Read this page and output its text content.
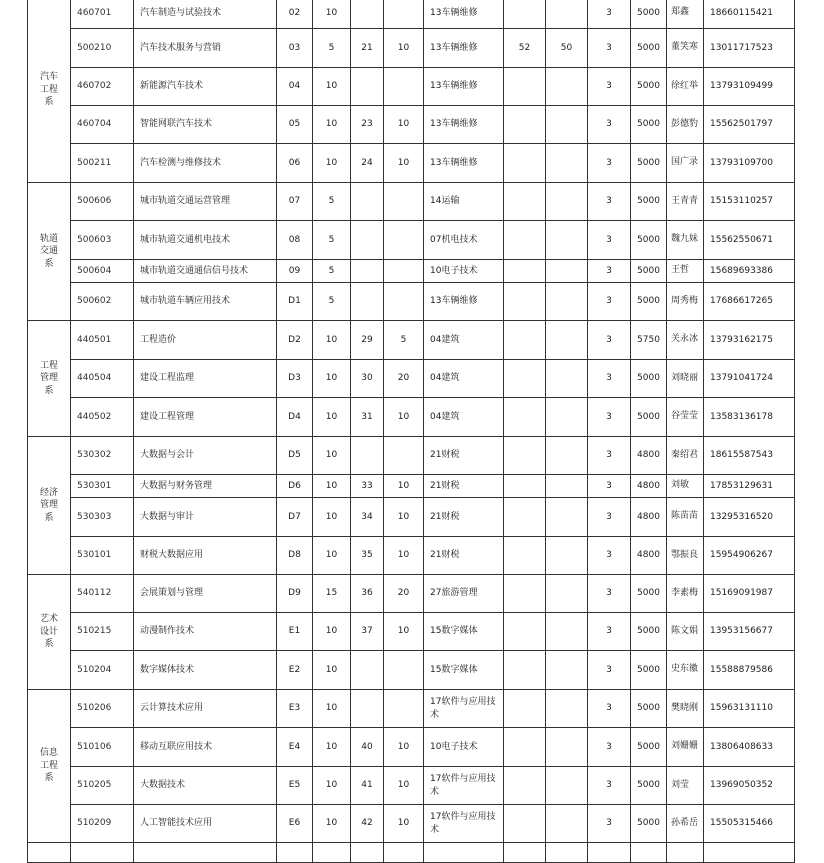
汽车
工程
系	460701	汽车制造与试验技术	02	10			13车辆维修			3	5000	郑鑫	18660115421
	500210	汽车技术服务与营销	03	5	21	10	13车辆维修	52	50	3	5000	董笑寒	13011717523
	460702	新能源汽车技术	04	10			13车辆维修			3	5000	徐红举	13793109499
	460704	智能网联汽车技术	05	10	23	10	13车辆维修			3	5000	彭德豹	15562501797
	500211	汽车检测与维修技术	06	10	24	10	13车辆维修			3	5000	国广录	13793109700

轨道
交通
系	500606	城市轨道交通运营管理	07	5			14运输			3	5000	王青青	15153110257
	500603	城市轨道交通机电技术	08	5			07机电技术			3	5000	魏九妹	15562550671
	500604	城市轨道交通通信信号技术	09	5			10电子技术			3	5000	王哲	15689693386
	500602	城市轨道车辆应用技术	D1	5			13车辆维修			3	5000	周秀梅	17686617265

工程
管理
系	440501	工程造价	D2	10	29	5	04建筑			3	5750	关永冰	13793162175
	440504	建设工程监理	D3	10	30	20	04建筑			3	5000	刘晓丽	13791041724
	440502	建设工程管理	D4	10	31	10	04建筑			3	5000	谷莹莹	13583136178

经济
管理
系	530302	大数据与会计	D5	10			21财税			3	4800	秦绍君	18615587543
	530301	大数据与财务管理	D6	10	33	10	21财税			3	4800	刘敏	17853129631
	530303	大数据与审计	D7	10	34	10	21财税			3	4800	陈苗苗	13295316520
	530101	财税大数据应用	D8	10	35	10	21财税			3	4800	鄂振良	15954906267

艺术
设计
系	540112	会展策划与管理	D9	15	36	20	27旅游管理			3	5000	李素梅	15169091987
	510215	动漫制作技术	E1	10	37	10	15数字媒体			3	5000	陈文娟	13953156677
	510204	数字媒体技术	E2	10			15数字媒体			3	5000	史东徽	15588879586

信息
工程
系	510206	云计算技术应用	E3	10			17软件与应用技术			3	5000	樊晓刚	15963131110
	510106	移动互联应用技术	E4	10	40	10	10电子技术			3	5000	刘姗姗	13806408633
	510205	大数据技术	E5	10	41	10	17软件与应用技术			3	5000	刘莹	13969050352
	510209	人工智能技术应用	E6	10	42	10	17软件与应用技术			3	5000	孙希岳	15505315466
